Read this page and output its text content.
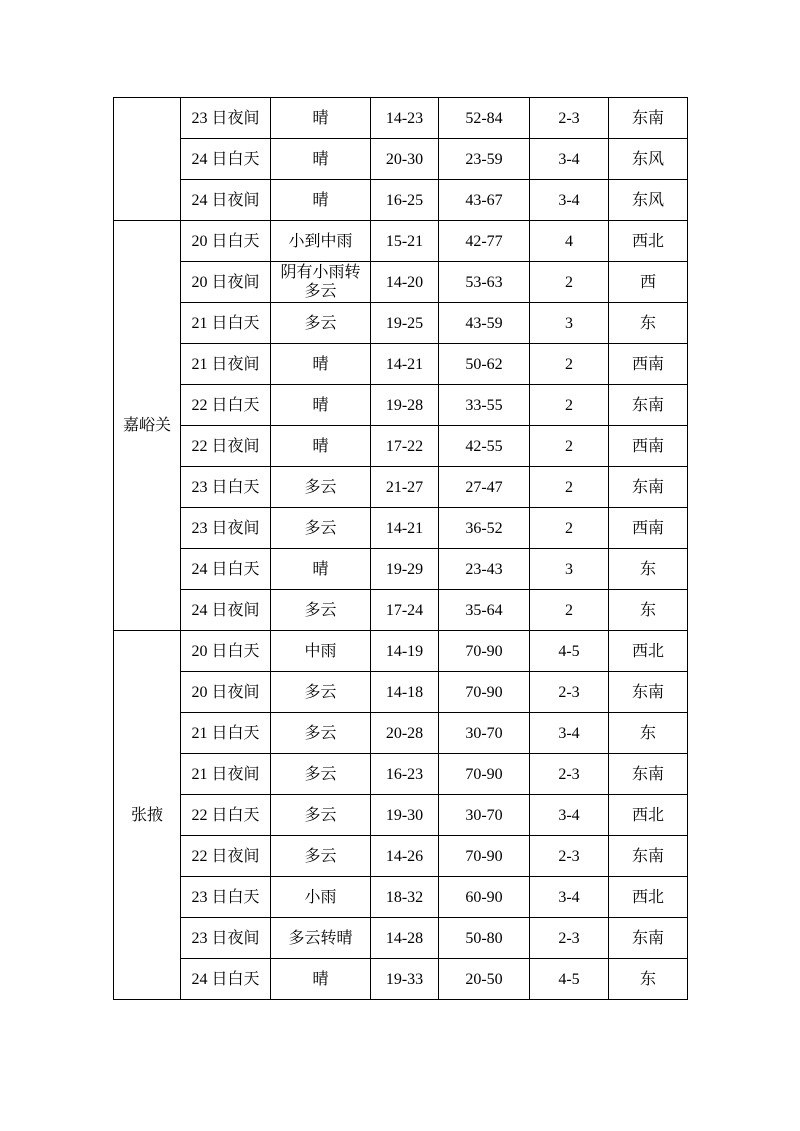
	23 日夜间	晴	14-23	52-84	2-3	东南
	24 日白天	晴	20-30	23-59	3-4	东风
	24 日夜间	晴	16-25	43-67	3-4	东风
嘉峪关	20 日白天	小到中雨	15-21	42-77	4	西北
	20 日夜间	阴有小雨转多云	14-20	53-63	2	西
	21 日白天	多云	19-25	43-59	3	东
	21 日夜间	晴	14-21	50-62	2	西南
	22 日白天	晴	19-28	33-55	2	东南
	22 日夜间	晴	17-22	42-55	2	西南
	23 日白天	多云	21-27	27-47	2	东南
	23 日夜间	多云	14-21	36-52	2	西南
	24 日白天	晴	19-29	23-43	3	东
	24 日夜间	多云	17-24	35-64	2	东
张掖	20 日白天	中雨	14-19	70-90	4-5	西北
	20 日夜间	多云	14-18	70-90	2-3	东南
	21 日白天	多云	20-28	30-70	3-4	东
	21 日夜间	多云	16-23	70-90	2-3	东南
	22 日白天	多云	19-30	30-70	3-4	西北
	22 日夜间	多云	14-26	70-90	2-3	东南
	23 日白天	小雨	18-32	60-90	3-4	西北
	23 日夜间	多云转晴	14-28	50-80	2-3	东南
	24 日白天	晴	19-33	20-50	4-5	东
